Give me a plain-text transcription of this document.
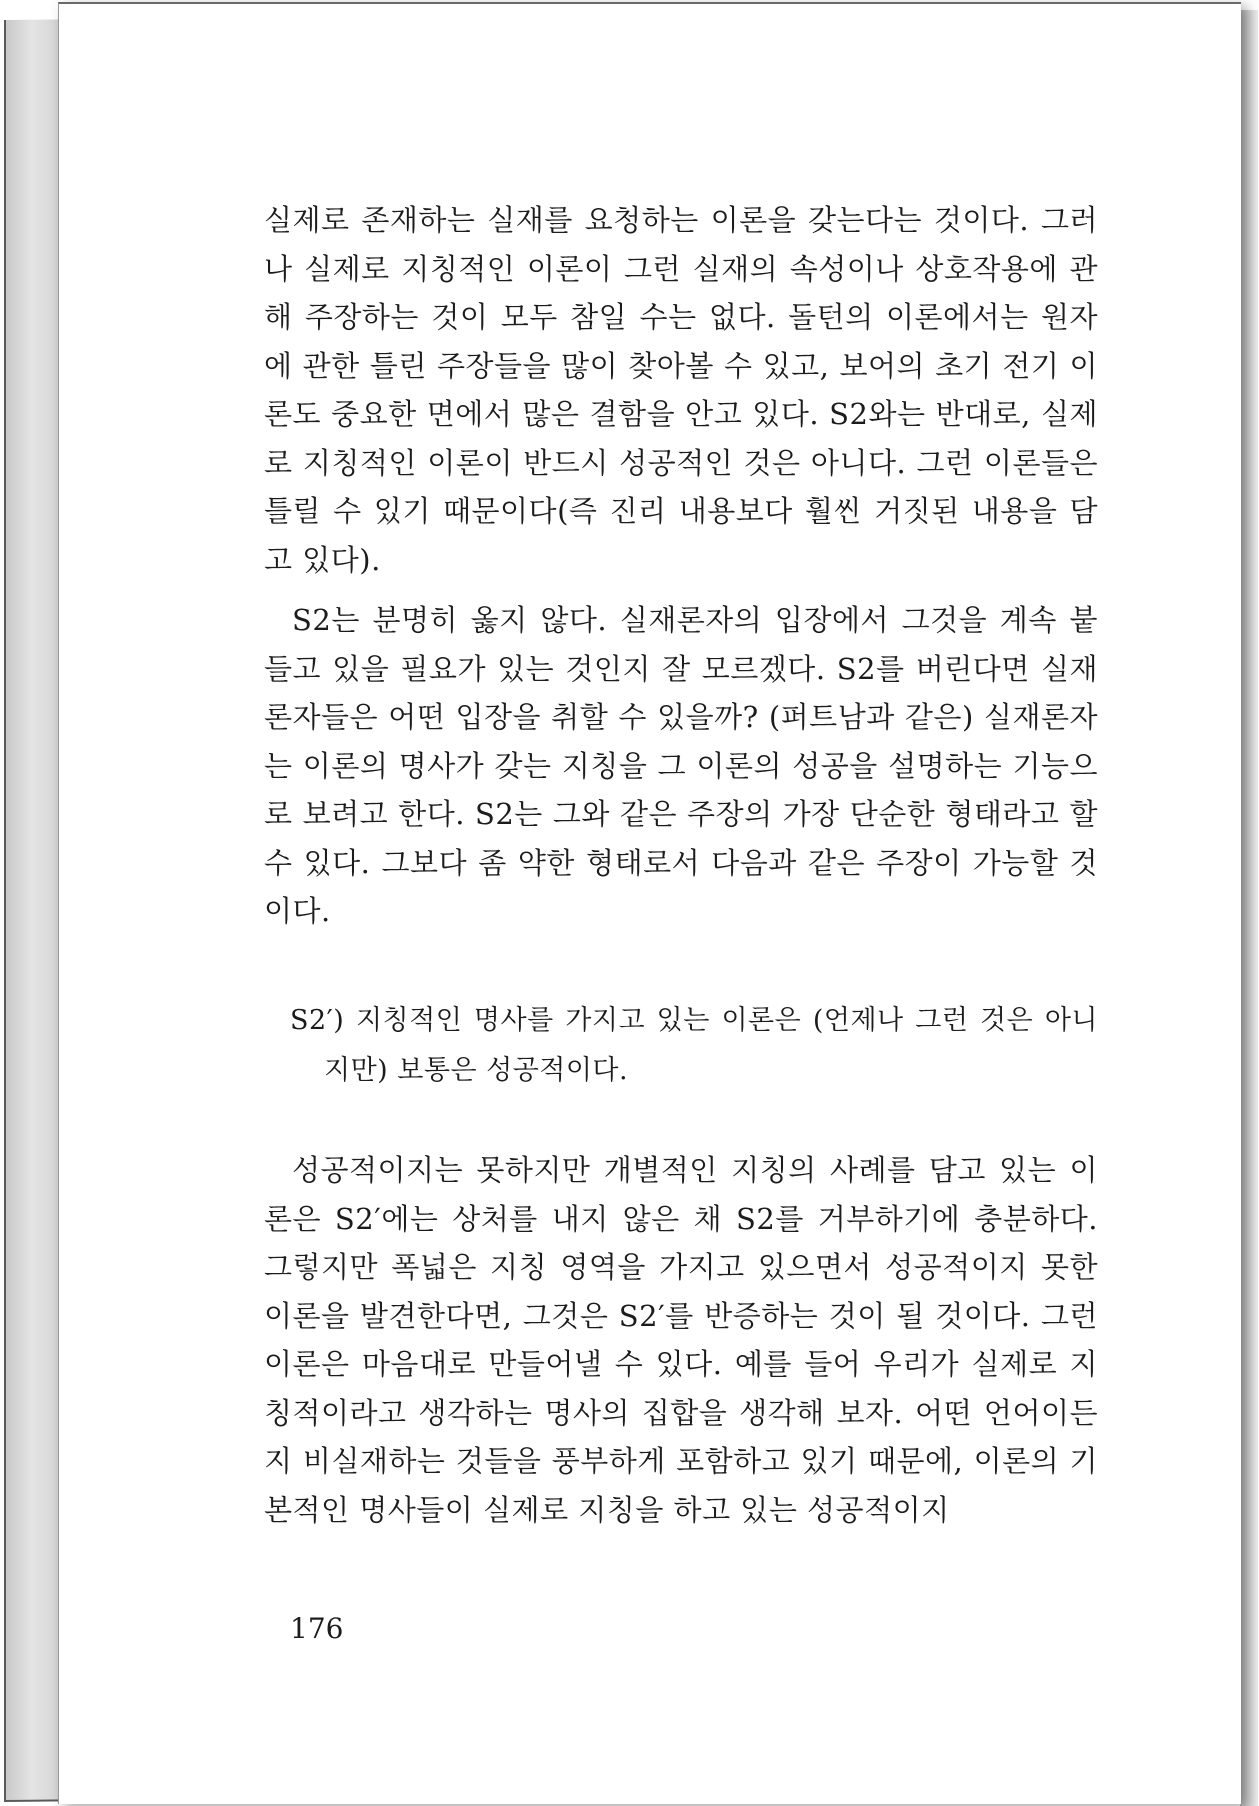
실제로 존재하는 실재를 요청하는 이론을 갖는다는 것이다. 그러나 실제로 지칭적인 이론이 그런 실재의 속성이나 상호작용에 관해 주장하는 것이 모두 참일 수는 없다. 돌턴의 이론에서는 원자에 관한 틀린 주장들을 많이 찾아볼 수 있고, 보어의 초기 전기 이론도 중요한 면에서 많은 결함을 안고 있다. S2와는 반대로, 실제로 지칭적인 이론이 반드시 성공적인 것은 아니다. 그런 이론들은 틀릴 수 있기 때문이다(즉 진리 내용보다 훨씬 거짓된 내용을 담고 있다).

S2는 분명히 옳지 않다. 실재론자의 입장에서 그것을 계속 붙들고 있을 필요가 있는 것인지 잘 모르겠다. S2를 버린다면 실재론자들은 어떤 입장을 취할 수 있을까? (퍼트남과 같은) 실재론자는 이론의 명사가 갖는 지칭을 그 이론의 성공을 설명하는 기능으로 보려고 한다. S2는 그와 같은 주장의 가장 단순한 형태라고 할 수 있다. 그보다 좀 약한 형태로서 다음과 같은 주장이 가능할 것이다.

S2′) 지칭적인 명사를 가지고 있는 이론은 (언제나 그런 것은 아니지만) 보통은 성공적이다.

성공적이지는 못하지만 개별적인 지칭의 사례를 담고 있는 이론은 S2′에는 상처를 내지 않은 채 S2를 거부하기에 충분하다. 그렇지만 폭넓은 지칭 영역을 가지고 있으면서 성공적이지 못한 이론을 발견한다면, 그것은 S2′를 반증하는 것이 될 것이다. 그런 이론은 마음대로 만들어낼 수 있다. 예를 들어 우리가 실제로 지칭적이라고 생각하는 명사의 집합을 생각해 보자. 어떤 언어이든지 비실재하는 것들을 풍부하게 포함하고 있기 때문에, 이론의 기본적인 명사들이 실제로 지칭을 하고 있는 성공적이지

176
